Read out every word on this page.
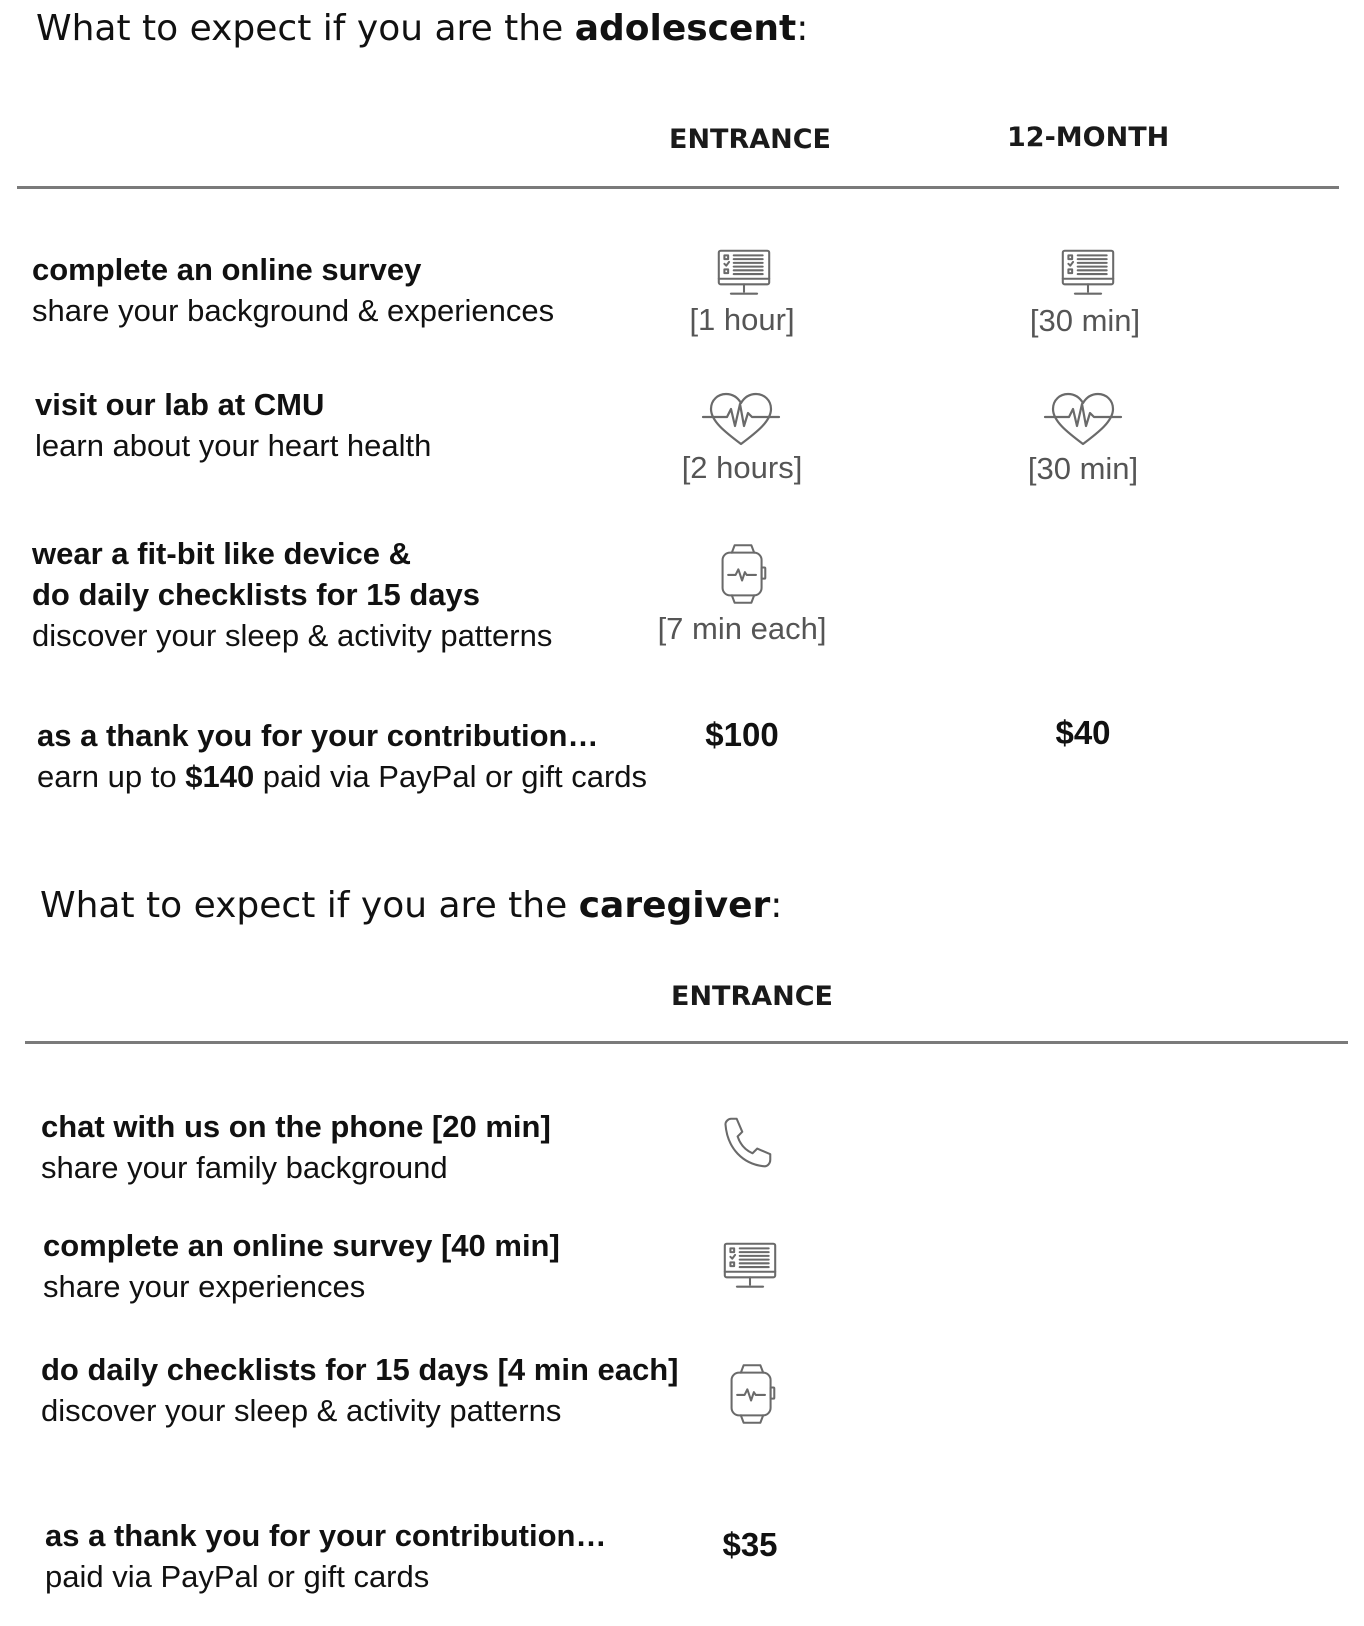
What to expect if you are the adolescent:
ENTRANCE	12-MONTH
complete an online survey
share your background & experiences	[1 hour]	[30 min]
visit our lab at CMU
learn about your heart health
[2 hours]	[30 min]
wear a fit-bit like device &
do daily checklists for 15 days
discover your sleep & activity patterns	[7 min each]
as a thank you for your contribution…
earn up to $140 paid via PayPal or gift cards
$100	$40
What to expect if you are the caregiver:
ENTRANCE
chat with us on the phone [20 min]
share your family background
complete an online survey [40 min]
share your experiences
do daily checklists for 15 days [4 min each]
discover your sleep & activity patterns
as a thank you for your contribution…
paid via PayPal or gift cards
$35
